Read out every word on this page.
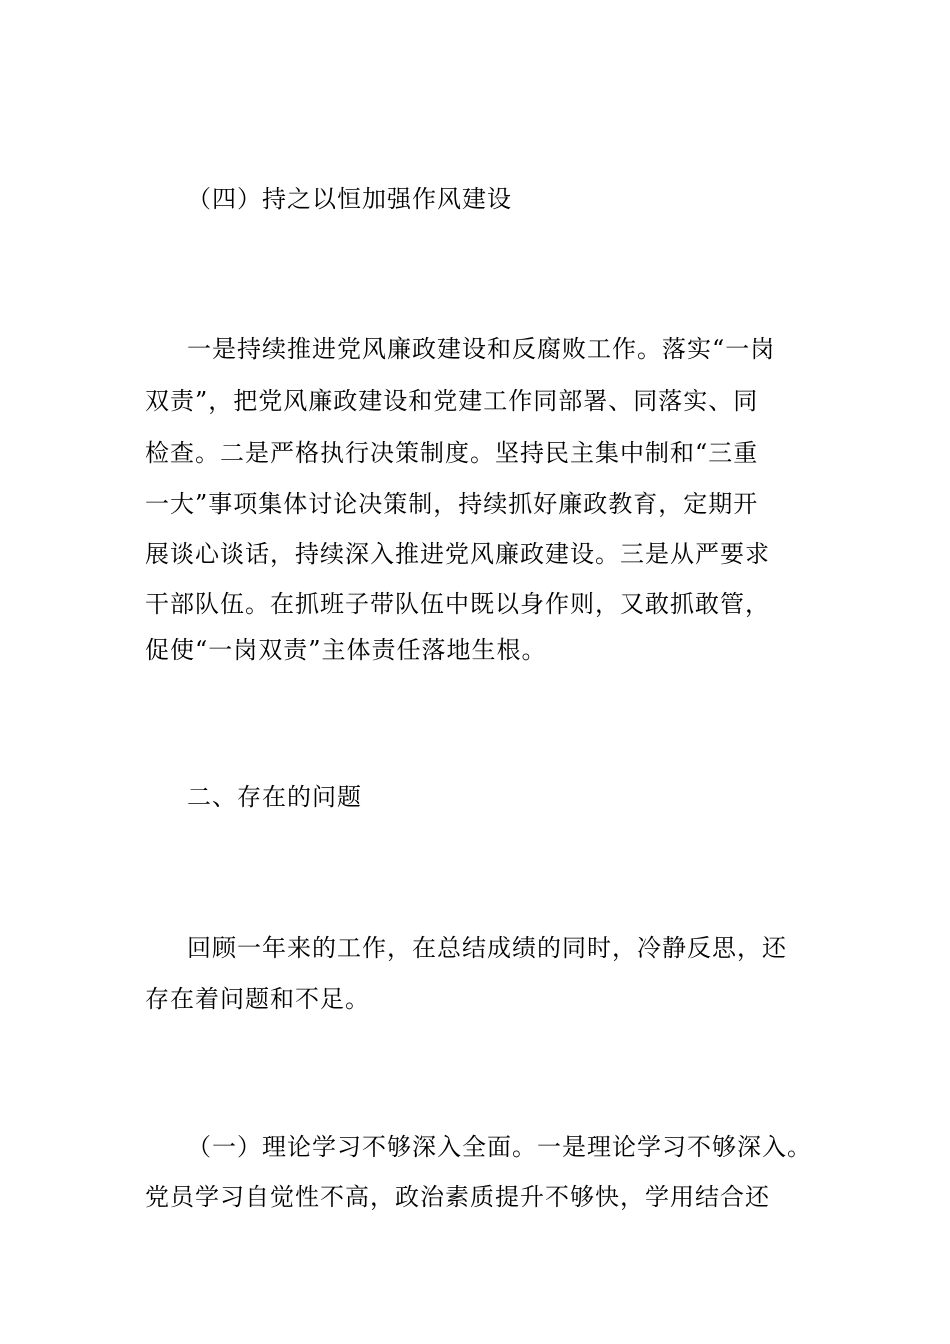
（四）持之以恒加强作风建设
一是持续推进党风廉政建设和反腐败工作。落实“一岗
双责”，把党风廉政建设和党建工作同部署、同落实、同
检查。二是严格执行决策制度。坚持民主集中制和“三重
一大”事项集体讨论决策制，持续抓好廉政教育，定期开
展谈心谈话，持续深入推进党风廉政建设。三是从严要求
干部队伍。在抓班子带队伍中既以身作则，又敢抓敢管，
促使“一岗双责”主体责任落地生根。
二、存在的问题
回顾一年来的工作，在总结成绩的同时，冷静反思，还
存在着问题和不足。
（一）理论学习不够深入全面。一是理论学习不够深入。
党员学习自觉性不高，政治素质提升不够快，学用结合还
